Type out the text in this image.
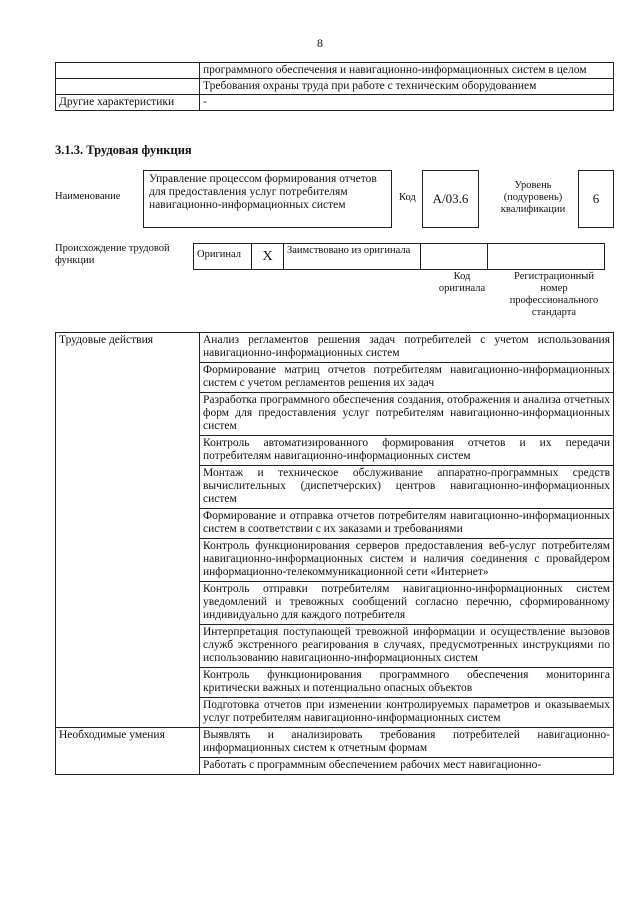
8
	программного обеспечения и навигационно-информационных систем в целом
	Требования охраны труда при работе с техническим оборудованием
Другие характеристики	-
3.1.3. Трудовая функция
Наименование
Управление процессом формирования отчетов для предоставления услуг потребителям навигационно-информационных систем
Код	А/03.6
Уровень (подуровень) квалификации
6
Происхождение трудовой функции
Оригинал	X	Заимствовано из оригинала
Код оригинала
Регистрационный номер профессионального стандарта
Трудовые действия	Анализ регламентов решения задач потребителей с учетом использования навигационно-информационных систем
	Формирование матриц отчетов потребителям навигационно-информационных систем с учетом регламентов решения их задач
	Разработка программного обеспечения создания, отображения и анализа отчетных форм для предоставления услуг потребителям навигационно-информационных систем
	Контроль автоматизированного формирования отчетов и их передачи потребителям навигационно-информационных систем
	Монтаж и техническое обслуживание аппаратно-программных средств вычислительных (диспетчерских) центров навигационно-информационных систем
	Формирование и отправка отчетов потребителям навигационно-информационных систем в соответствии с их заказами и требованиями
	Контроль функционирования серверов предоставления веб-услуг потребителям навигационно-информационных систем и наличия соединения с провайдером информационно-телекоммуникационной сети «Интернет»
	Контроль отправки потребителям навигационно-информационных систем уведомлений и тревожных сообщений согласно перечню, сформированному индивидуально для каждого потребителя
	Интерпретация поступающей тревожной информации и осуществление вызовов служб экстренного реагирования в случаях, предусмотренных инструкциями по использованию навигационно-информационных систем
	Контроль функционирования программного обеспечения мониторинга критически важных и потенциально опасных объектов
	Подготовка отчетов при изменении контролируемых параметров и оказываемых услуг потребителям навигационно-информационных систем
Необходимые умения	Выявлять и анализировать требования потребителей навигационно-информационных систем к отчетным формам
	Работать с программным обеспечением рабочих мест навигационно-
